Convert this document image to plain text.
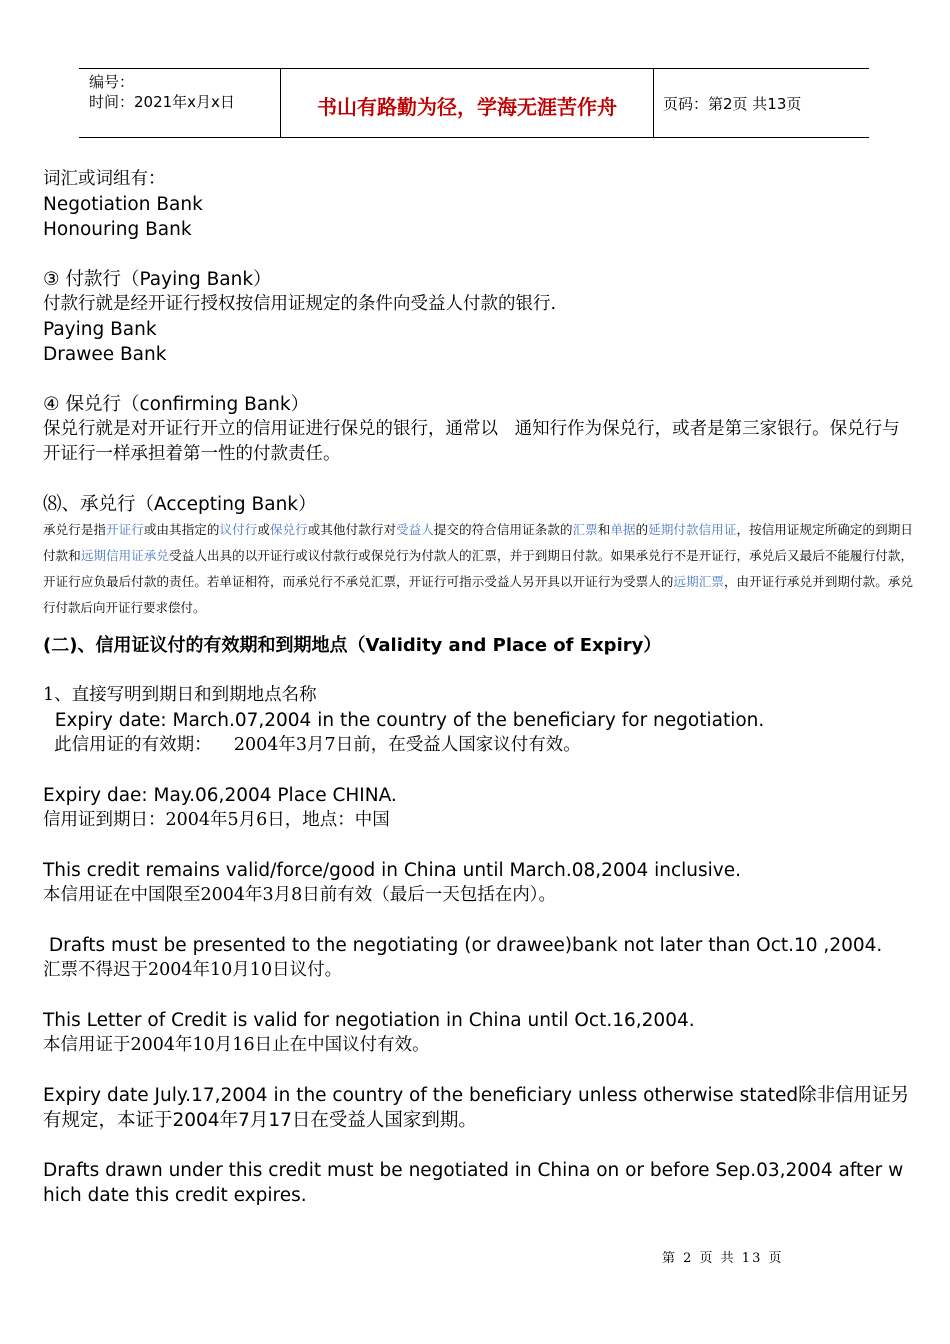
编号：
时间：2021年x月x日	书山有路勤为径，学海无涯苦作舟	页码：第2页 共13页

词汇或词组有：

Negotiation Bank

Honouring Bank

③ 付款行（Paying Bank）

付款行就是经开证行授权按信用证规定的条件向受益人付款的银行.

Paying Bank

Drawee Bank

④ 保兑行（confirming Bank）

保兑行就是对开证行开立的信用证进行保兑的银行，通常以   通知行作为保兑行，或者是第三家银行。保兑行与开证行一样承担着第一性的付款责任。

⑻、承兑行（Accepting Bank）

承兑行是指开证行或由其指定的议付行或保兑行或其他付款行对受益人提交的符合信用证条款的汇票和单据的延期付款信用证，按信用证规定所确定的到期日付款和远期信用证承兑受益人出具的以开证行或议付款行或保兑行为付款人的汇票，并于到期日付款。如果承兑行不是开证行，承兑后又最后不能履行付款，开证行应负最后付款的责任。若单证相符，而承兑行不承兑汇票，开证行可指示受益人另开具以开证行为受票人的远期汇票，由开证行承兑并到期付款。承兑行付款后向开证行要求偿付。

(二)、信用证议付的有效期和到期地点（Validity and Place of Expiry）

1、直接写明到期日和到期地点名称

Expiry date: March.07,2004 in the country of the beneficiary for negotiation.

此信用证的有效期：    2004年3月7日前，在受益人国家议付有效。

Expiry dae: May.06,2004 Place CHINA.

信用证到期日：2004年5月6日，地点：中国

This credit remains valid/force/good in China until March.08,2004 inclusive.

本信用证在中国限至2004年3月8日前有效（最后一天包括在内）。

Drafts must be presented to the negotiating (or drawee)bank not later than Oct.10 ,2004.

汇票不得迟于2004年10月10日议付。

This Letter of Credit is valid for negotiation in China until Oct.16,2004.

本信用证于2004年10月16日止在中国议付有效。

Expiry date July.17,2004 in the country of the beneficiary unless otherwise stated除非信用证另有规定，本证于2004年7月17日在受益人国家到期。

Drafts drawn under this credit must be negotiated in China on or before Sep.03,2004 after which date this credit expires.

第 2 页 共 13 页
